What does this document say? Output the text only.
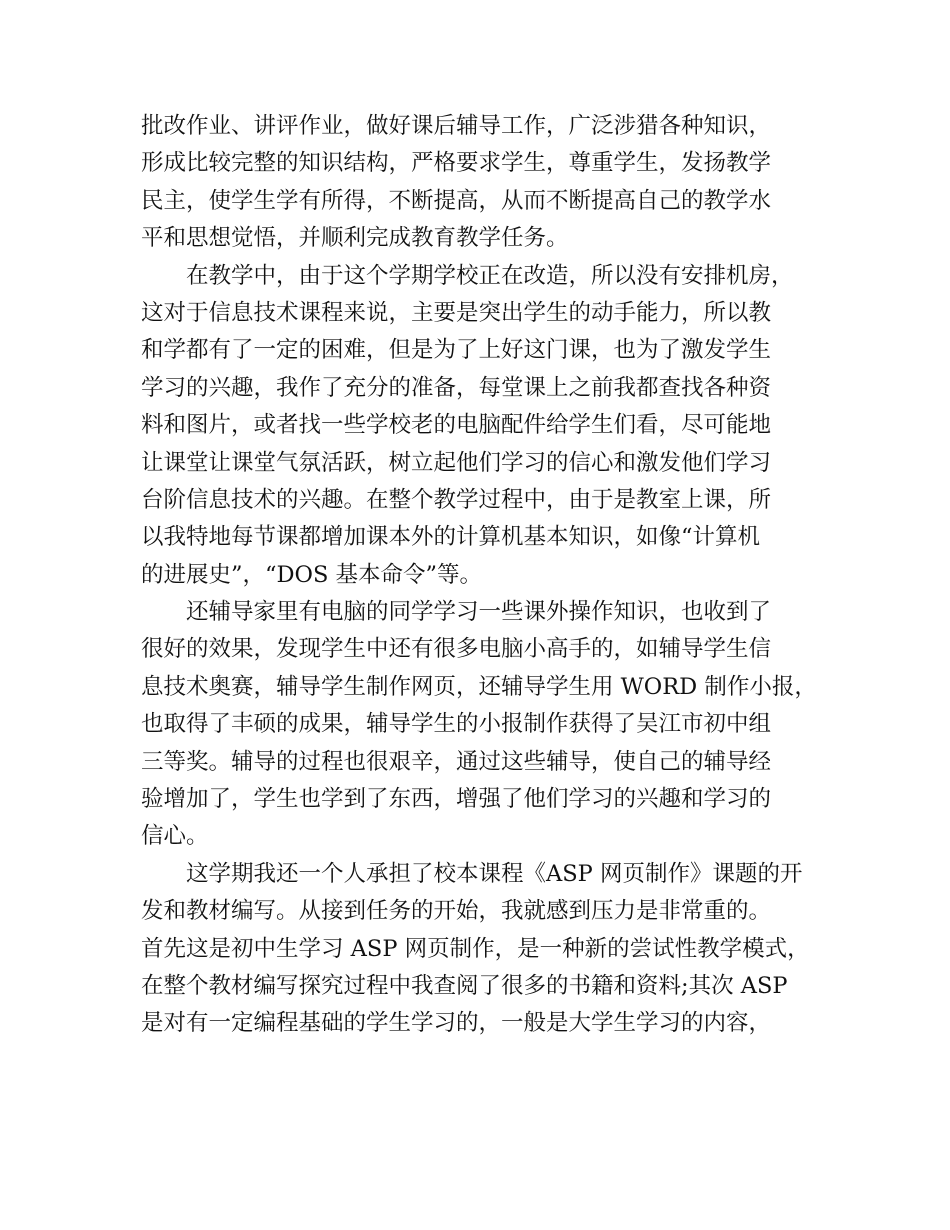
批改作业、讲评作业，做好课后辅导工作，广泛涉猎各种知识，
形成比较完整的知识结构，严格要求学生，尊重学生，发扬教学
民主，使学生学有所得，不断提高，从而不断提高自己的教学水
平和思想觉悟，并顺利完成教育教学任务。

在教学中，由于这个学期学校正在改造，所以没有安排机房，
这对于信息技术课程来说，主要是突出学生的动手能力，所以教
和学都有了一定的困难，但是为了上好这门课，也为了激发学生
学习的兴趣，我作了充分的准备，每堂课上之前我都查找各种资
料和图片，或者找一些学校老的电脑配件给学生们看，尽可能地
让课堂让课堂气氛活跃，树立起他们学习的信心和激发他们学习
台阶信息技术的兴趣。在整个教学过程中，由于是教室上课，所
以我特地每节课都增加课本外的计算机基本知识，如像“计算机
的进展史”，“DOS 基本命令”等。

还辅导家里有电脑的同学学习一些课外操作知识，也收到了
很好的效果，发现学生中还有很多电脑小高手的，如辅导学生信
息技术奥赛，辅导学生制作网页，还辅导学生用 WORD 制作小报，
也取得了丰硕的成果，辅导学生的小报制作获得了吴江市初中组
三等奖。辅导的过程也很艰辛，通过这些辅导，使自己的辅导经
验增加了，学生也学到了东西，增强了他们学习的兴趣和学习的
信心。

这学期我还一个人承担了校本课程《ASP 网页制作》课题的开
发和教材编写。从接到任务的开始，我就感到压力是非常重的。
首先这是初中生学习 ASP 网页制作，是一种新的尝试性教学模式，
在整个教材编写探究过程中我查阅了很多的书籍和资料;其次 ASP
是对有一定编程基础的学生学习的，一般是大学生学习的内容，
